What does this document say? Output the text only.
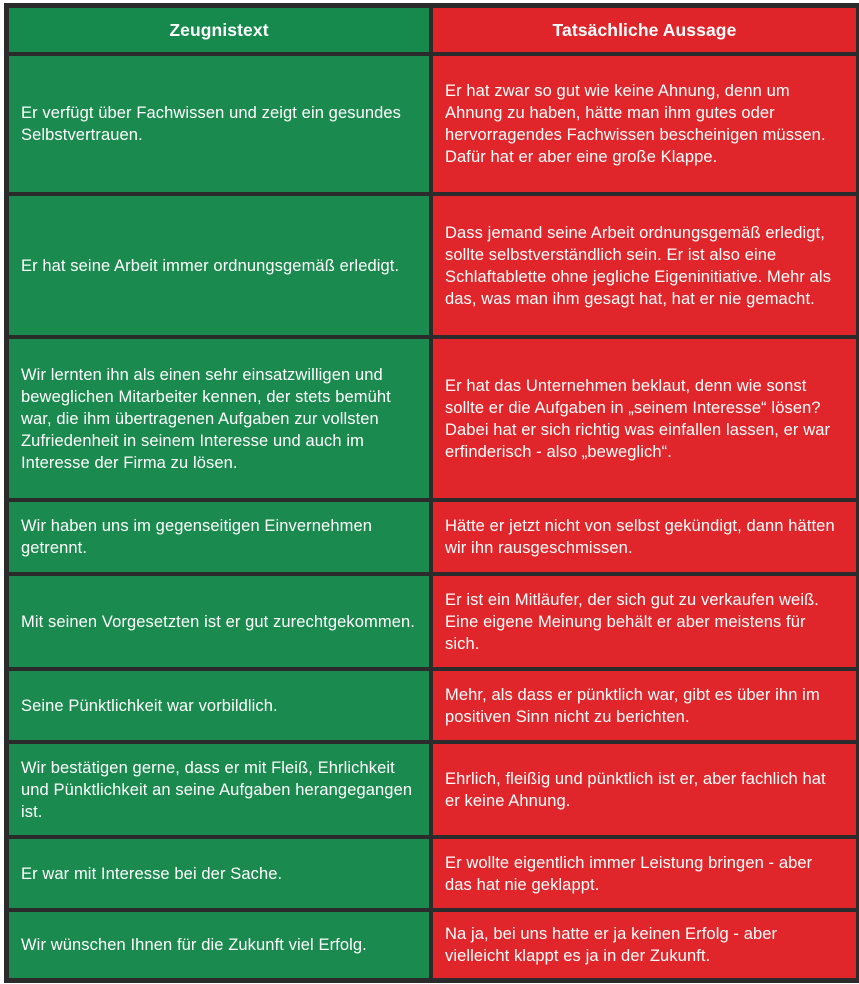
Zeugnistext	Tatsächliche Aussage
Er verfügt über Fachwissen und zeigt ein gesundes Selbstvertrauen.	Er hat zwar so gut wie keine Ahnung, denn um Ahnung zu haben, hätte man ihm gutes oder hervorragendes Fachwissen bescheinigen müssen. Dafür hat er aber eine große Klappe.
Er hat seine Arbeit immer ordnungsgemäß erledigt.	Dass jemand seine Arbeit ordnungsgemäß erledigt, sollte selbstverständlich sein. Er ist also eine Schlaftablette ohne jegliche Eigeninitiative. Mehr als das, was man ihm gesagt hat, hat er nie gemacht.
Wir lernten ihn als einen sehr einsatzwilligen und beweglichen Mitarbeiter kennen, der stets bemüht war, die ihm übertragenen Aufgaben zur vollsten Zufriedenheit in seinem Interesse und auch im Interesse der Firma zu lösen.	Er hat das Unternehmen beklaut, denn wie sonst sollte er die Aufgaben in „seinem Interesse“ lösen? Dabei hat er sich richtig was einfallen lassen, er war erfinderisch - also „beweglich“.
Wir haben uns im gegenseitigen Einvernehmen getrennt.	Hätte er jetzt nicht von selbst gekündigt, dann hätten wir ihn rausgeschmissen.
Mit seinen Vorgesetzten ist er gut zurechtgekommen.	Er ist ein Mitläufer, der sich gut zu verkaufen weiß. Eine eigene Meinung behält er aber meistens für sich.
Seine Pünktlichkeit war vorbildlich.	Mehr, als dass er pünktlich war, gibt es über ihn im positiven Sinn nicht zu berichten.
Wir bestätigen gerne, dass er mit Fleiß, Ehrlichkeit und Pünktlichkeit an seine Aufgaben herangegangen ist.	Ehrlich, fleißig und pünktlich ist er, aber fachlich hat er keine Ahnung.
Er war mit Interesse bei der Sache.	Er wollte eigentlich immer Leistung bringen - aber das hat nie geklappt.
Wir wünschen Ihnen für die Zukunft viel Erfolg.	Na ja, bei uns hatte er ja keinen Erfolg - aber vielleicht klappt es ja in der Zukunft.
